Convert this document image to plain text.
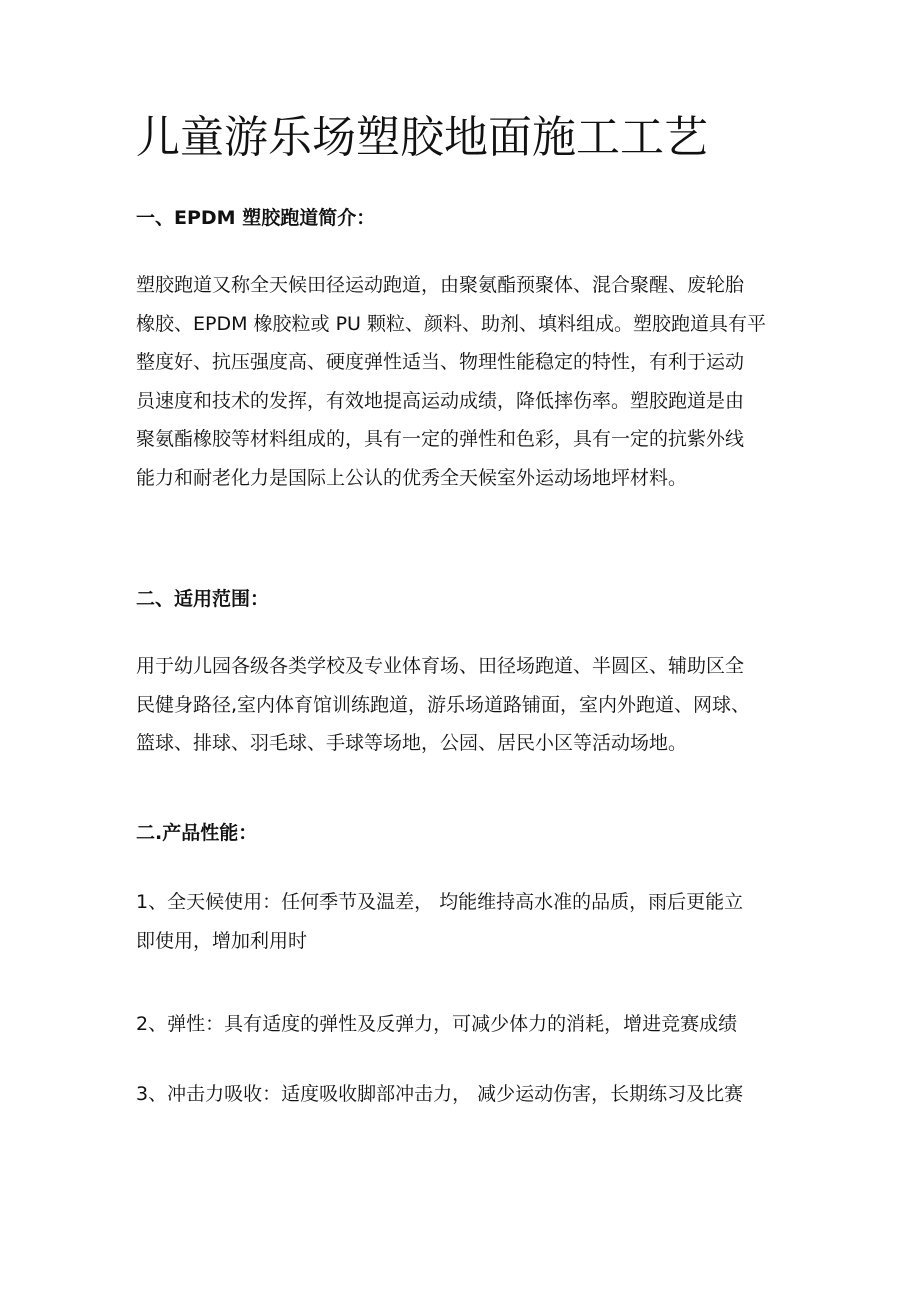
儿童游乐场塑胶地面施工工艺
一、EPDM 塑胶跑道简介：
塑胶跑道又称全天候田径运动跑道，由聚氨酯预聚体、混合聚醒、废轮胎
橡胶、EPDM 橡胶粒或 PU 颗粒、颜料、助剂、填料组成。塑胶跑道具有平
整度好、抗压强度高、硬度弹性适当、物理性能稳定的特性，有利于运动
员速度和技术的发挥，有效地提高运动成绩，降低摔伤率。塑胶跑道是由
聚氨酯橡胶等材料组成的，具有一定的弹性和色彩，具有一定的抗紫外线
能力和耐老化力是国际上公认的优秀全天候室外运动场地坪材料。
二、适用范围：
用于幼儿园各级各类学校及专业体育场、田径场跑道、半圆区、辅助区全
民健身路径,室内体育馆训练跑道，游乐场道路铺面，室内外跑道、网球、
篮球、排球、羽毛球、手球等场地，公园、居民小区等活动场地。
二.产品性能：
1、全天候使用：任何季节及温差， 均能维持高水准的品质，雨后更能立
即使用，增加利用时
2、弹性：具有适度的弹性及反弹力，可减少体力的消耗，增进竞赛成绩
3、冲击力吸收：适度吸收脚部冲击力， 减少运动伤害，长期练习及比赛
